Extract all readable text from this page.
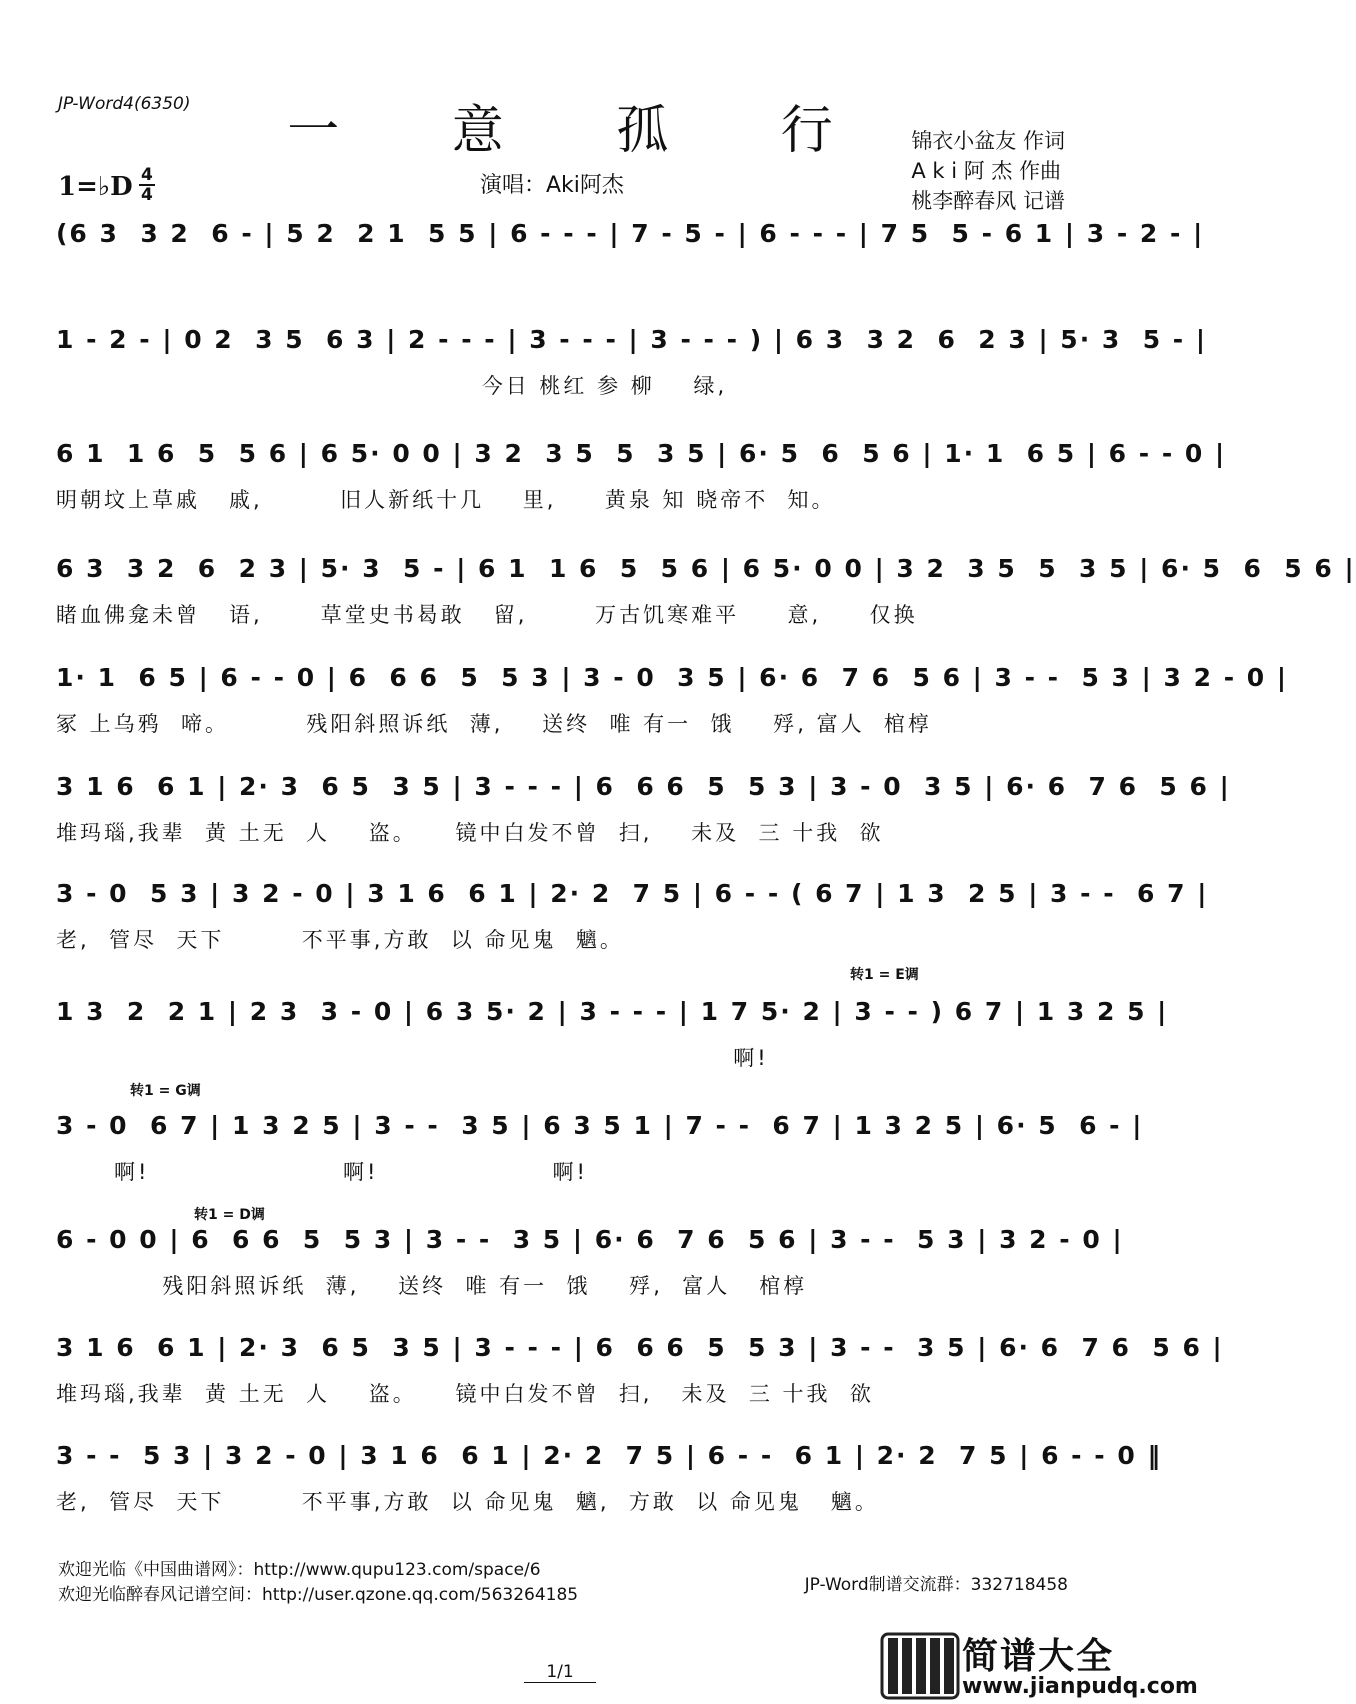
JP-Word4(6350)	一 意 孤 行
演唱：Aki阿杰
锦衣小盆友 作词
A k i 阿 杰 作曲
桃李醉春风 记谱
1=♭D $\frac{4}{4}$
(6 3  3 2  6 - | 5 2  2 1  5 5 | 6 - - - | 7 - 5 - | 6 - - - | 7 5  5 - 6 1 | 3 - 2 - |
1 - 2 - | 0 2  3 5  6 3 | 2 - - - | 3 - - - | 3 - - - ) | 6 3  3 2  6  2 3 | 5· 3  5 - |
今日 桃红 参 柳    绿,
6 1  1 6  5  5 6 | 6 5· 0 0 | 3 2  3 5  5  3 5 | 6· 5  6  5 6 | 1· 1  6 5 | 6 - - 0 |
明朝坟上草戚   戚,        旧人新纸十几    里,     黄泉 知 晓帝不  知。
6 3  3 2  6  2 3 | 5· 3  5 - | 6 1  1 6  5  5 6 | 6 5· 0 0 | 3 2  3 5  5  3 5 | 6· 5  6  5 6 |
睹血佛龛未曾   语,      草堂史书曷敢   留,       万古饥寒难平     意,     仅换
1· 1  6 5 | 6 - - 0 | 6  6 6  5  5 3 | 3 - 0  3 5 | 6· 6  7 6  5 6 | 3 - -  5 3 | 3 2 - 0 |
冢 上乌鸦  啼。        残阳斜照诉纸  薄,    送终  唯 有一  饿    殍, 富人  棺椁
3 1 6  6 1 | 2· 3  6 5  3 5 | 3 - - - | 6  6 6  5  5 3 | 3 - 0  3 5 | 6· 6  7 6  5 6 |
堆玛瑙,我辈  黄 土无  人    盗。    镜中白发不曾  扫,    未及  三 十我  欲
3 - 0  5 3 | 3 2 - 0 | 3 1 6  6 1 | 2· 2  7 5 | 6 - - ( 6 7 | 1 3  2 5 | 3 - -  6 7 |
老,  管尽  天下        不平事,方敢  以 命见鬼  魑。
转1 = E调
1 3  2  2 1 | 2 3  3 - 0 | 6 3 5· 2 | 3 - - - | 1 7 5· 2 | 3 - - ) 6 7 | 1 3 2 5 |
啊!
转1 = G调
3 - 0  6 7 | 1 3 2 5 | 3 - -  3 5 | 6 3 5 1 | 7 - -  6 7 | 1 3 2 5 | 6· 5  6 - |
啊!                    啊!                  啊!
转1 = D调
6 - 0 0 | 6  6 6  5  5 3 | 3 - -  3 5 | 6· 6  7 6  5 6 | 3 - -  5 3 | 3 2 - 0 |
残阳斜照诉纸  薄,    送终  唯 有一  饿    殍,  富人   棺椁
3 1 6  6 1 | 2· 3  6 5  3 5 | 3 - - - | 6  6 6  5  5 3 | 3 - -  3 5 | 6· 6  7 6  5 6 |
堆玛瑙,我辈  黄 土无  人    盗。    镜中白发不曾  扫,   未及  三 十我  欲
3 - -  5 3 | 3 2 - 0 | 3 1 6  6 1 | 2· 2  7 5 | 6 - -  6 1 | 2· 2  7 5 | 6 - - 0 ‖
老,  管尽  天下        不平事,方敢  以 命见鬼  魑,  方敢  以 命见鬼   魑。
欢迎光临《中国曲谱网》：http://www.qupu123.com/space/6
欢迎光临醉春风记谱空间：http://user.qzone.qq.com/563264185	JP-Word制谱交流群：332718458
1/1	简谱大全
www.jianpudq.com
